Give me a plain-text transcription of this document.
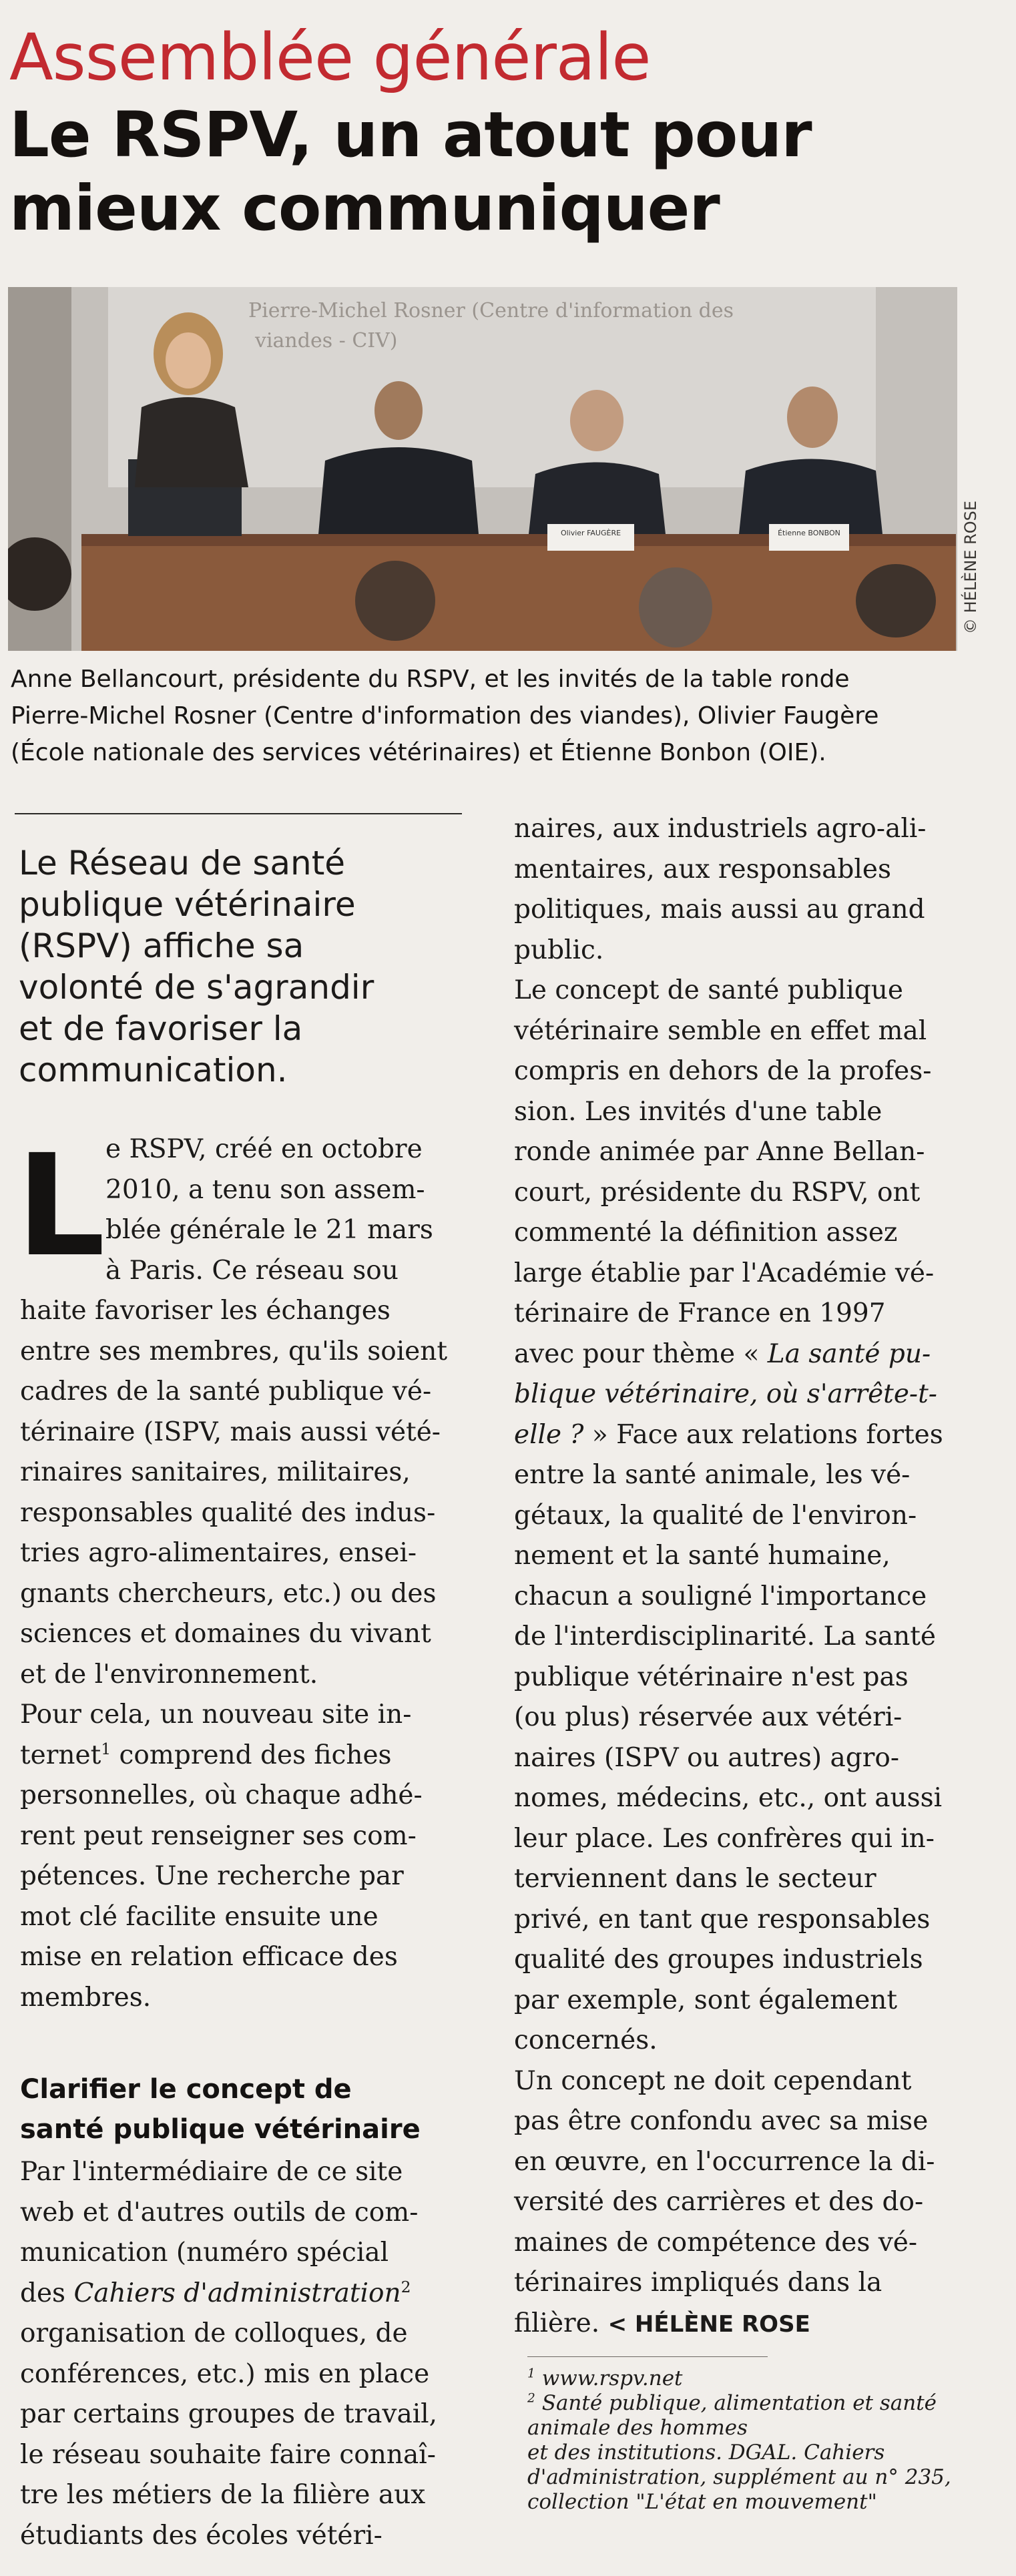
Assemblée générale
Le RSPV, un atout pour
mieux communiquer
Pierre-Michel Rosner (Centre d'information des
viandes - CIV)
Olivier FAUGÈRE	Étienne BONBON	© HÉLÈNE ROSE
Anne Bellancourt, présidente du RSPV, et les invités de la table ronde
Pierre-Michel Rosner (Centre d'information des viandes), Olivier Faugère
(École nationale des services vétérinaires) et Étienne Bonbon (OIE).
Le Réseau de santé
publique vétérinaire
(RSPV) affiche sa
volonté de s'agrandir
et de favoriser la
communication.
L e RSPV, créé en octobre
2010, a tenu son assem-
blée générale le 21 mars
à Paris. Ce réseau sou
haite favoriser les échanges
entre ses membres, qu'ils soient
cadres de la santé publique vé-
térinaire (ISPV, mais aussi vété-
rinaires sanitaires, militaires,
responsables qualité des indus-
tries agro-alimentaires, ensei-
gnants chercheurs, etc.) ou des
sciences et domaines du vivant
et de l'environnement.
Pour cela, un nouveau site in-
ternet$^1$ comprend des fiches
personnelles, où chaque adhé-
rent peut renseigner ses com-
pétences. Une recherche par
mot clé facilite ensuite une
mise en relation efficace des
membres.
Clarifier le concept de
santé publique vétérinaire
Par l'intermédiaire de ce site
web et d'autres outils de com-
munication (numéro spécial
des Cahiers d'administration$^2$
organisation de colloques, de
conférences, etc.) mis en place
par certains groupes de travail,
le réseau souhaite faire connaî-
tre les métiers de la filière aux
étudiants des écoles vétéri-
naires, aux industriels agro-ali-
mentaires, aux responsables
politiques, mais aussi au grand
public.
Le concept de santé publique
vétérinaire semble en effet mal
compris en dehors de la profes-
sion. Les invités d'une table
ronde animée par Anne Bellan-
court, présidente du RSPV, ont
commenté la définition assez
large établie par l'Académie vé-
térinaire de France en 1997
avec pour thème « La santé pu-
blique vétérinaire, où s'arrête-t-
elle ? » Face aux relations fortes
entre la santé animale, les vé-
gétaux, la qualité de l'environ-
nement et la santé humaine,
chacun a souligné l'importance
de l'interdisciplinarité. La santé
publique vétérinaire n'est pas
(ou plus) réservée aux vétéri-
naires (ISPV ou autres) agro-
nomes, médecins, etc., ont aussi
leur place. Les confrères qui in-
terviennent dans le secteur
privé, en tant que responsables
qualité des groupes industriels
par exemple, sont également
concernés.
Un concept ne doit cependant
pas être confondu avec sa mise
en œuvre, en l'occurrence la di-
versité des carrières et des do-
maines de compétence des vé-
térinaires impliqués dans la
filière. < HÉLÈNE ROSE
$^1$ www.rspv.net
$^2$ Santé publique, alimentation et santé
animale des hommes
et des institutions. DGAL. Cahiers
d'administration, supplément au n° 235,
collection "L'état en mouvement"
